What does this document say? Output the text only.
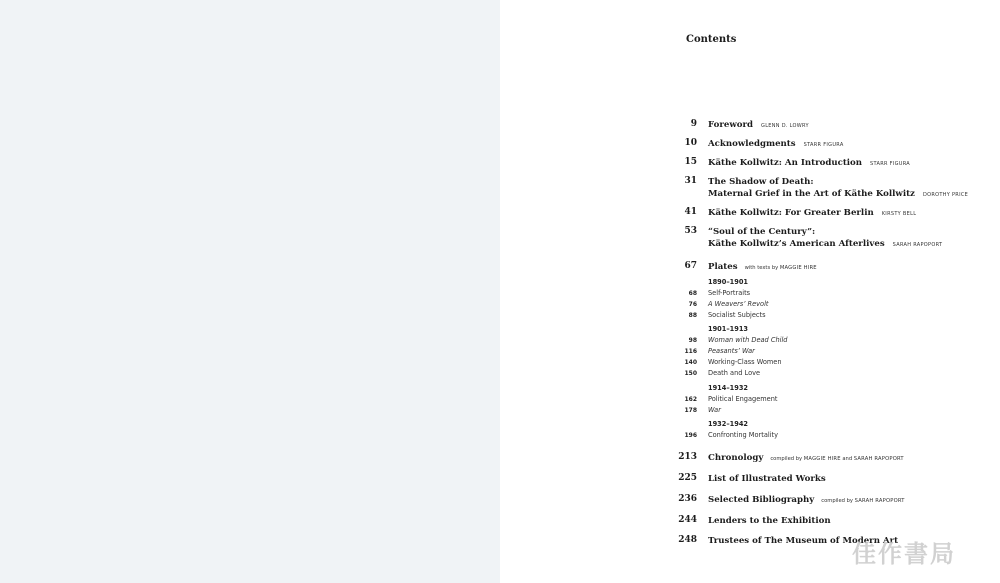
Contents
9 Foreword GLENN D. LOWRY
10 Acknowledgments STARR FIGURA
15 Käthe Kollwitz: An Introduction STARR FIGURA
31 The Shadow of Death:
Maternal Grief in the Art of Käthe Kollwitz DOROTHY PRICE
41 Käthe Kollwitz: For Greater Berlin KIRSTY BELL
53 “Soul of the Century”:
Käthe Kollwitz’s American Afterlives SARAH RAPOPORT
67 Plates with texts by MAGGIE HIRE
1890–1901
68 Self-Portraits
76 A Weavers’ Revolt
88 Socialist Subjects
1901–1913
98 Woman with Dead Child
116 Peasants’ War
140 Working-Class Women
150 Death and Love
1914–1932
162 Political Engagement
178 War
1932–1942
196 Confronting Mortality
213 Chronology compiled by MAGGIE HIRE and SARAH RAPOPORT
225 List of Illustrated Works
236 Selected Bibliography compiled by SARAH RAPOPORT
244 Lenders to the Exhibition
248 Trustees of The Museum of Modern Art
佳作書局
